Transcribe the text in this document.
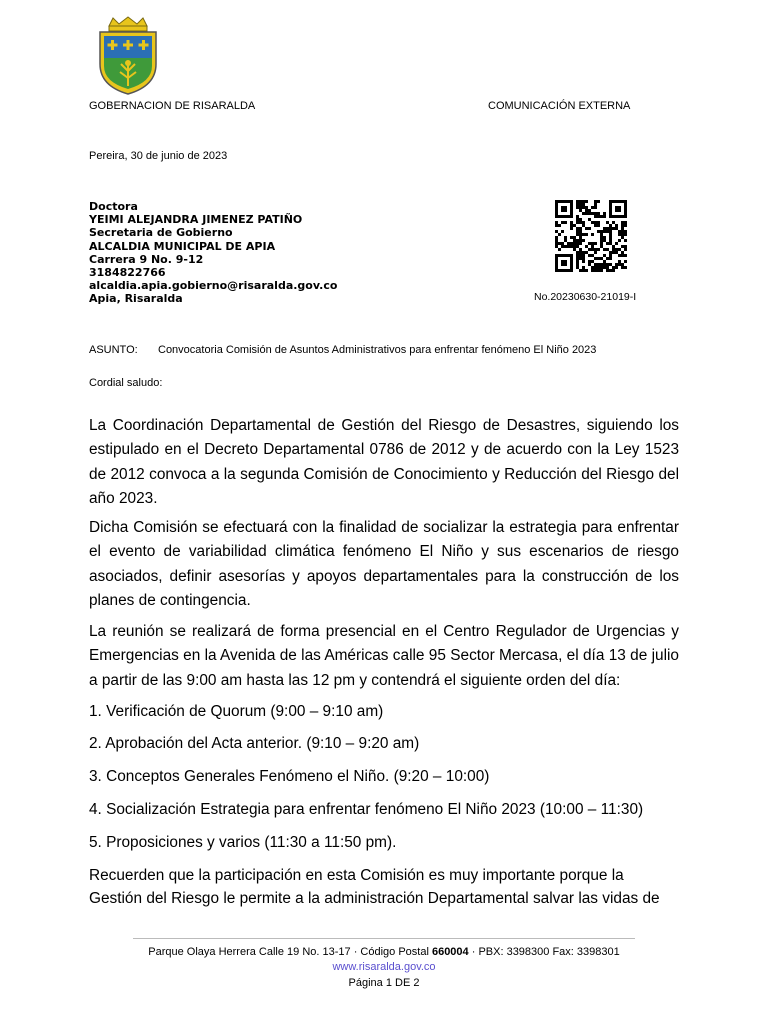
GOBERNACION DE RISARALDA	COMUNICACIÓN EXTERNA
Pereira, 30 de junio de 2023
Doctora
YEIMI ALEJANDRA JIMENEZ PATIÑO
Secretaria de Gobierno
ALCALDIA MUNICIPAL DE APIA
Carrera 9 No. 9-12
3184822766
alcaldia.apia.gobierno@risaralda.gov.co
Apia, Risaralda	No.20230630-21019-I
ASUNTO: Convocatoria Comisión de Asuntos Administrativos para enfrentar fenómeno El Niño 2023
Cordial saludo:
La Coordinación Departamental de Gestión del Riesgo de Desastres, siguiendo los estipulado en el Decreto Departamental 0786 de 2012 y de acuerdo con la Ley 1523 de 2012 convoca a la segunda Comisión de Conocimiento y Reducción del Riesgo del año 2023.
Dicha Comisión se efectuará con la finalidad de socializar la estrategia para enfrentar el evento de variabilidad climática fenómeno El Niño y sus escenarios de riesgo asociados, definir asesorías y apoyos departamentales para la construcción de los planes de contingencia.
La reunión se realizará de forma presencial en el Centro Regulador de Urgencias y Emergencias en la Avenida de las Américas calle 95 Sector Mercasa, el día 13 de julio a partir de las 9:00 am hasta las 12 pm y contendrá el siguiente orden del día:
1. Verificación de Quorum (9:00 – 9:10 am)
2. Aprobación del Acta anterior. (9:10 – 9:20 am)
3. Conceptos Generales Fenómeno el Niño. (9:20 – 10:00)
4. Socialización Estrategia para enfrentar fenómeno El Niño 2023 (10:00 – 11:30)
5. Proposiciones y varios (11:30 a 11:50 pm).
Recuerden que la participación en esta Comisión es muy importante porque la
Gestión del Riesgo le permite a la administración Departamental salvar las vidas de
Parque Olaya Herrera Calle 19 No. 13-17 · Código Postal 660004 · PBX: 3398300 Fax: 3398301
www.risaralda.gov.co
Página 1 DE 2
